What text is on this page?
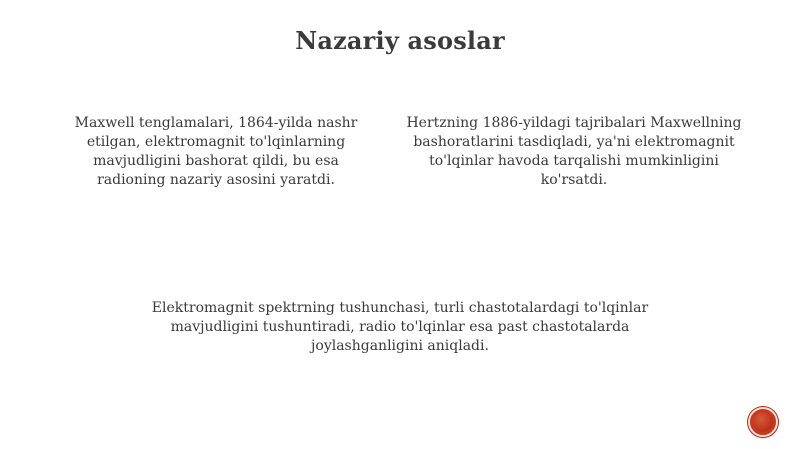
Nazariy asoslar
Maxwell tenglamalari, 1864-yilda nashr etilgan, elektromagnit to'lqinlarning mavjudligini bashorat qildi, bu esa radioning nazariy asosini yaratdi.
Hertzning 1886-yildagi tajribalari Maxwellning bashoratlarini tasdiqladi, ya'ni elektromagnit to'lqinlar havoda tarqalishi mumkinligini ko'rsatdi.
Elektromagnit spektrning tushunchasi, turli chastotalardagi to'lqinlar mavjudligini tushuntiradi, radio to'lqinlar esa past chastotalarda joylashganligini aniqladi.
